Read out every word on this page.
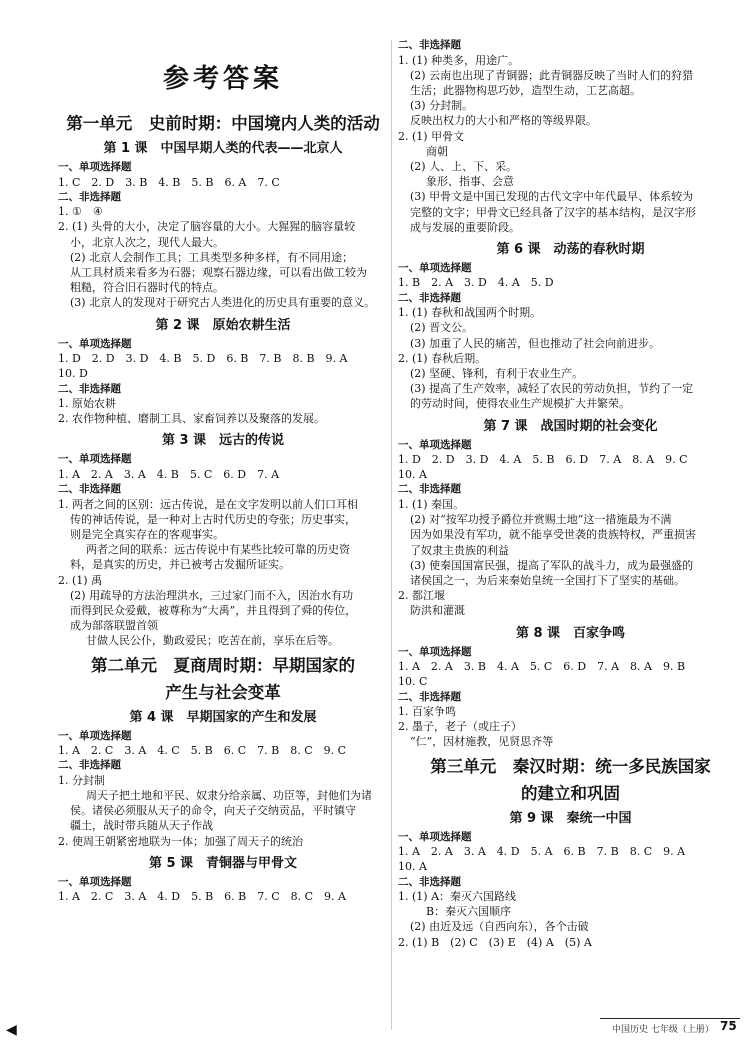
参考答案
第一单元　史前时期：中国境内人类的活动
第 1 课　中国早期人类的代表——北京人
一、单项选择题
1. C　2. D　3. B　4. B　5. B　6. A　7. C
二、非选择题
1. ①　④
2. (1) 头骨的大小，决定了脑容量的大小。大猩猩的脑容量较
小，北京人次之，现代人最大。
(2) 北京人会制作工具；工具类型多种多样，有不同用途；
从工具材质来看多为石器；观察石器边缘，可以看出做工较为
粗糙，符合旧石器时代的特点。
(3) 北京人的发现对于研究古人类进化的历史具有重要的意义。
第 2 课　原始农耕生活
一、单项选择题
1. D　2. D　3. D　4. B　5. D　6. B　7. B　8. B　9. A
10. D
二、非选择题
1. 原始农耕
2. 农作物种植、磨制工具、家畜饲养以及聚落的发展。
第 3 课　远古的传说
一、单项选择题
1. A　2. A　3. A　4. B　5. C　6. D　7. A
二、非选择题
1. 两者之间的区别：远古传说，是在文字发明以前人们口耳相
传的神话传说，是一种对上古时代历史的夸张；历史事实，
则是完全真实存在的客观事实。
两者之间的联系：远古传说中有某些比较可靠的历史资
料，是真实的历史，并已被考古发掘所证实。
2. (1) 禹
(2) 用疏导的方法治理洪水，三过家门而不入，因治水有功
而得到民众爱戴，被尊称为“大禹”，并且得到了舜的传位，
成为部落联盟首领
甘做人民公仆，勤政爱民；吃苦在前，享乐在后等。
第二单元　夏商周时期：早期国家的
产生与社会变革
第 4 课　早期国家的产生和发展
一、单项选择题
1. A　2. C　3. A　4. C　5. B　6. C　7. B　8. C　9. C
二、非选择题
1. 分封制
周天子把土地和平民、奴隶分给亲属、功臣等，封他们为诸
侯。诸侯必须服从天子的命令，向天子交纳贡品，平时镇守
疆土，战时带兵随从天子作战
2. 使周王朝紧密地联为一体；加强了周天子的统治
第 5 课　青铜器与甲骨文
一、单项选择题
1. A　2. C　3. A　4. D　5. B　6. B　7. C　8. C　9. A
二、非选择题
1. (1) 种类多，用途广。
(2) 云南也出现了青铜器；此青铜器反映了当时人们的狩猎
生活；此器物构思巧妙，造型生动，工艺高超。
(3) 分封制。
反映出权力的大小和严格的等级界限。
2. (1) 甲骨文
商朝
(2) 人、上、下、采。
象形、指事、会意
(3) 甲骨文是中国已发现的古代文字中年代最早、体系较为
完整的文字；甲骨文已经具备了汉字的基本结构，是汉字形
成与发展的重要阶段。
第 6 课　动荡的春秋时期
一、单项选择题
1. B　2. A　3. D　4. A　5. D
二、非选择题
1. (1) 春秋和战国两个时期。
(2) 晋文公。
(3) 加重了人民的痛苦，但也推动了社会向前进步。
2. (1) 春秋后期。
(2) 坚硬、锋利，有利于农业生产。
(3) 提高了生产效率，减轻了农民的劳动负担，节约了一定
的劳动时间，使得农业生产规模扩大并繁荣。
第 7 课　战国时期的社会变化
一、单项选择题
1. D　2. D　3. D　4. A　5. B　6. D　7. A　8. A　9. C
10. A
二、非选择题
1. (1) 秦国。
(2) 对“按军功授予爵位并赏赐土地”这一措施最为不满
因为如果没有军功，就不能享受世袭的贵族特权，严重损害
了奴隶主贵族的利益
(3) 使秦国国富民强，提高了军队的战斗力，成为最强盛的
诸侯国之一，为后来秦始皇统一全国打下了坚实的基础。
2. 都江堰
防洪和灌溉
第 8 课　百家争鸣
一、单项选择题
1. A　2. A　3. B　4. A　5. C　6. D　7. A　8. A　9. B
10. C
二、非选择题
1. 百家争鸣
2. 墨子，老子（或庄子）
“仁”，因材施教，见贤思齐等
第三单元　秦汉时期：统一多民族国家
的建立和巩固
第 9 课　秦统一中国
一、单项选择题
1. A　2. A　3. A　4. D　5. A　6. B　7. B　8. C　9. A
10. A
二、非选择题
1. (1) A：秦灭六国路线
B：秦灭六国顺序
(2) 由近及远（自西向东），各个击破
2. (1) B　(2) C　(3) E　(4) A　(5) A
中国历史 七年级（上册） 75
◀
